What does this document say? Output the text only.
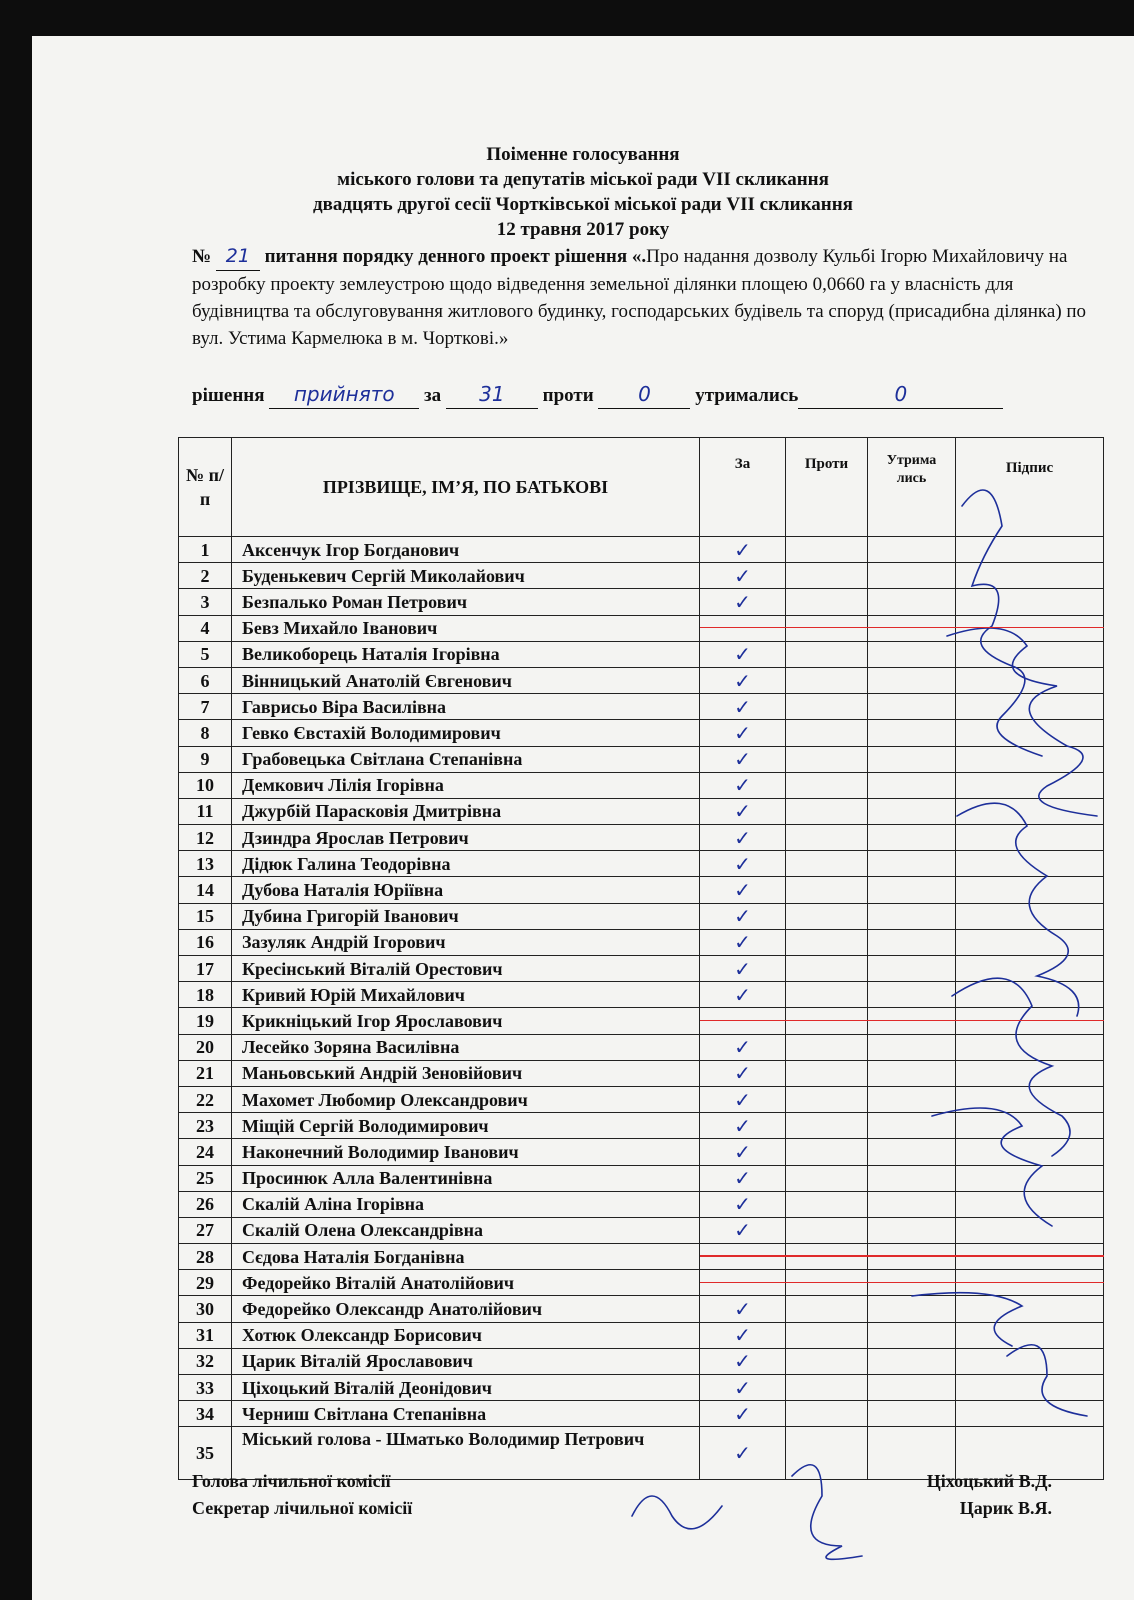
Поіменне голосування
міського голови та депутатів міської ради VII скликання
двадцять другої сесії Чортківської міської ради VII скликання
12 травня 2017 року
№ 21 питання порядку денного проект рішення «.Про надання дозволу Кульбі Ігорю Михайловичу на розробку проекту землеустрою щодо відведення земельної ділянки площею 0,0660 га у власність для будівництва та обслуговування житлового будинку, господарських будівель та споруд (присадибна ділянка) по вул. Устима Кармелюка в м. Чорткові.»
рішення прийнято за 31 проти 0 утримались	0
№ п/п	ПРІЗВИЩЕ, ІМ’Я, ПО БАТЬКОВІ	За	Проти	Утрима лись	Підпис
1	Аксенчук Ігор Богданович	✓			
2	Буденькевич Сергій Миколайович	✓			
3	Безпалько Роман Петрович	✓			
4	Бевз Михайло Іванович				
5	Великоборець Наталія Ігорівна	✓			
6	Вінницький Анатолій Євгенович	✓			
7	Гаврисьо Віра Василівна	✓			
8	Гевко Євстахій Володимирович	✓			
9	Грабовецька Світлана Степанівна	✓			
10	Демкович Лілія Ігорівна	✓			
11	Джурбій Парасковія Дмитрівна	✓			
12	Дзиндра Ярослав Петрович	✓			
13	Дідюк Галина Теодорівна	✓			
14	Дубова Наталія Юріївна	✓			
15	Дубина Григорій Іванович	✓			
16	Зазуляк Андрій Ігорович	✓			
17	Кресінський Віталій Орестович	✓			
18	Кривий Юрій Михайлович	✓			
19	Крикніцький Ігор Ярославович				
20	Лесейко Зоряна Василівна	✓			
21	Маньовський Андрій Зеновійович	✓			
22	Махомет Любомир Олександрович	✓			
23	Міщій Сергій Володимирович	✓			
24	Наконечний Володимир Іванович	✓			
25	Просинюк Алла Валентинівна	✓			
26	Скалій Аліна Ігорівна	✓			
27	Скалій Олена Олександрівна	✓			
28	Сєдова Наталія Богданівна				
29	Федорейко Віталій Анатолійович				
30	Федорейко Олександр Анатолійович	✓			
31	Хотюк Олександр Борисович	✓			
32	Царик Віталій Ярославович	✓			
33	Ціхоцький Віталій Деонідович	✓			
34	Черниш Світлана Степанівна	✓			
35	Міський голова - Шматько Володимир Петрович	✓			
Голова лічильної комісії	Ціхоцький В.Д.
Секретар лічильної комісії	Царик В.Я.
